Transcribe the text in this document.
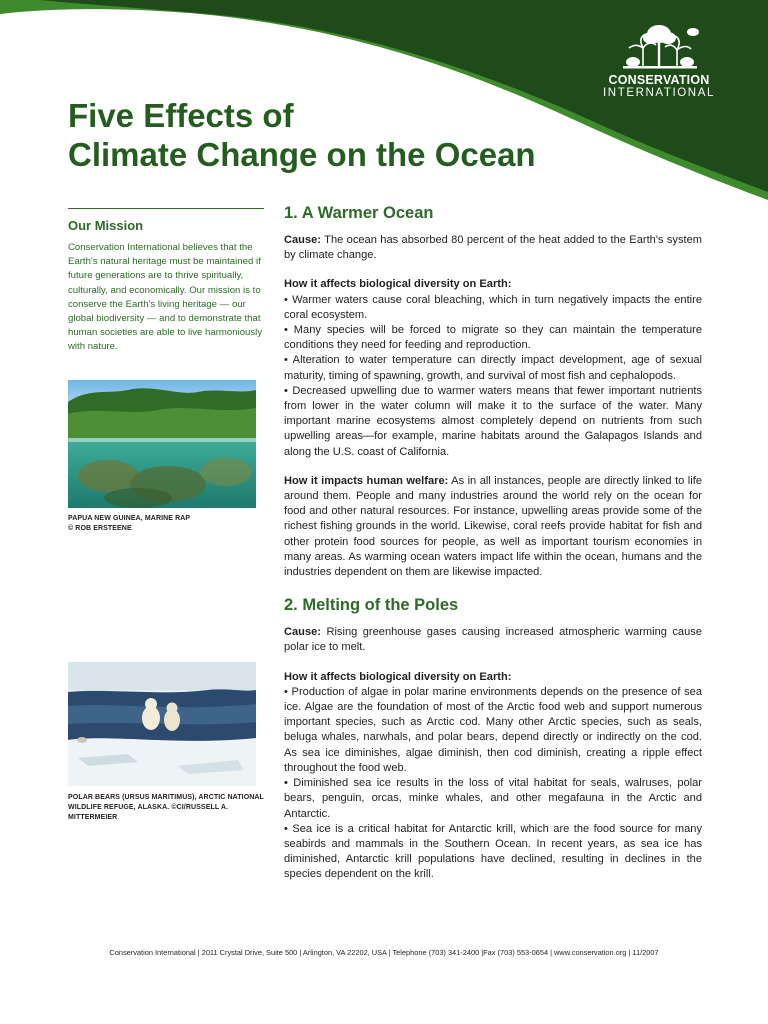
CONSERVATION
INTERNATIONAL
Five Effects of
Climate Change on the Ocean
Our Mission
Conservation International believes that the Earth's natural heritage must be maintained if future generations are to thrive spiritually, culturally, and economically. Our mission is to conserve the Earth's living heritage — our global biodiversity — and to demonstrate that human societies are able to live harmoniously with nature.
PAPUA NEW GUINEA, MARINE RAP
© ROB ERSTEENE
POLAR BEARS (URSUS MARITIMUS), ARCTIC NATIONAL
WILDLIFE REFUGE, ALASKA. ©CI/RUSSELL A. MITTERMEIER
1. A Warmer Ocean

Cause: The ocean has absorbed 80 percent of the heat added to the Earth's system by climate change.

How it affects biological diversity on Earth:

• Warmer waters cause coral bleaching, which in turn negatively impacts the entire coral ecosystem.

• Many species will be forced to migrate so they can maintain the temperature conditions they need for feeding and reproduction.

• Alteration to water temperature can directly impact development, age of sexual maturity, timing of spawning, growth, and survival of most fish and cephalopods.

• Decreased upwelling due to warmer waters means that fewer important nutrients from lower in the water column will make it to the surface of the water. Many important marine ecosystems almost completely depend on nutrients from such upwelling areas—for example, marine habitats around the Galapagos Islands and along the U.S. coast of California.

How it impacts human welfare: As in all instances, people are directly linked to life around them. People and many industries around the world rely on the ocean for food and other natural resources. For instance, upwelling areas provide some of the richest fishing grounds in the world. Likewise, coral reefs provide habitat for fish and other protein food sources for people, as well as important tourism economies in many areas. As warming ocean waters impact life within the ocean, humans and the industries dependent on them are likewise impacted.

2. Melting of the Poles

Cause: Rising greenhouse gases causing increased atmospheric warming cause polar ice to melt.

How it affects biological diversity on Earth:

• Production of algae in polar marine environments depends on the presence of sea ice. Algae are the foundation of most of the Arctic food web and support numerous important species, such as Arctic cod. Many other Arctic species, such as seals, beluga whales, narwhals, and polar bears, depend directly or indirectly on the cod. As sea ice diminishes, algae diminish, then cod diminish, creating a ripple effect throughout the food web.

• Diminished sea ice results in the loss of vital habitat for seals, walruses, polar bears, penguin, orcas, minke whales, and other megafauna in the Arctic and Antarctic.

• Sea ice is a critical habitat for Antarctic krill, which are the food source for many seabirds and mammals in the Southern Ocean. In recent years, as sea ice has diminished, Antarctic krill populations have declined, resulting in declines in the species dependent on the krill.

Conservation International | 2011 Crystal Drive, Suite 500 | Arlington, VA 22202, USA | Telephone (703) 341-2400 |Fax (703) 553-0654 | www.conservation.org | 11/2007
